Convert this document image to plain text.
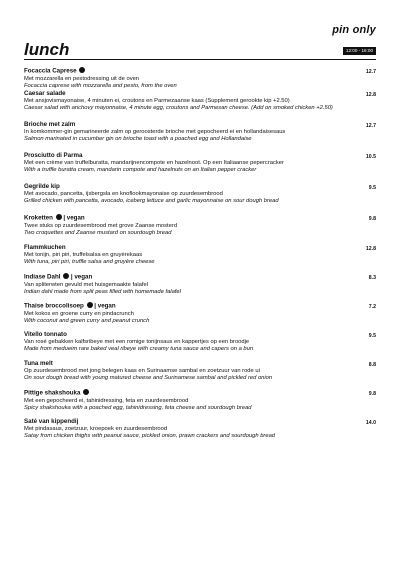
pin only
lunch	12:00 - 16:00
Focaccia Caprese
Met mozzarella en pestodressing uit de oven
Focaccia caprese with mozzarella and pesto, from the oven
12.7
Caesar salade
Met ansjovismayonaise, 4 minuten ei, croutons en Parmezaanse kaas (Supplement gerookte kip +2.50)
Caesar salad with anchovy mayonnaise, 4 minute egg, croutons and Parmesan cheese. (Add on smoked chicken +2.50)
12.8
Brioche met zalm
In komkommer-gin gemarineerde zalm op geroosterde brioche met gepocheerd ei en hollandaisesaus
Salmon marinated in cucumber gin on brioche toast with a poached egg and Hollandaise
12.7
Prosciutto di Parma
Met een crème van truffelburatta, mandarijnencompote en hazelnoot. Op een Italiaanse pepercracker
With a truffle buratta cream, mandarin compote and hazelnuts on an Italian pepper cracker
10.5
Gegrilde kip
Met avocado, pancetta, ijsbergsla en knoflookmayonaise op zuurdesembrood
Grilled chicken with pancetta, avocado, iceberg lettuce and garlic mayonnaise on sour dough bread
9.5
Kroketten  | vegan
Twee stuks op zuurdesembrood met grove Zaanse mosterd
Two croquettes and Zaanse mustard on sourdough bread
9.8
Flammkuchen
Met tonijn, piri piri, truffelsalsa en gruyèrekaas
With tuna, piri piri, truffle salsa and gruyère cheese
12.8
Indiase Dahl  | vegan
Van spliterwten gevuld met huisgemaakte falafel
Indian dahl made from split peas filled with homemade falafel
8.3
Thaise broccolisoep  | vegan
Met kokos en groene curry en pindacrunch
With coconut and green curry and peanut crunch
7.2
Vitello tonnato
Van rosé gebakken kalfsribeye met een romige tonijnsaus en kappertjes op een broodje
Made from medueim rare baked veal ribeye with creamy tuna sauce and capers on a bun
9.5
Tuna melt
Op zuurdesembrood met jong belegen kaas en Surinaamse sambal en zoetzuur van rode ui
On sour dough bread with young matured cheese and Surinamese sambal and pickled red onion
8.8
Pittige shakshouka
Met een gepocheerd ei, tahinidressing, feta en zuurdesembrood
Spicy shakshouka with a poached egg, tahinidressing, feta cheese and sourdough bread
9.8
Saté van kippendij
Met pindasaus, zoetzuur, kroepoek en zuurdesembrood
Satay from chicken thighs with peanut sauce, pickled onion, prawn crackers and sourdough bread
14.0
